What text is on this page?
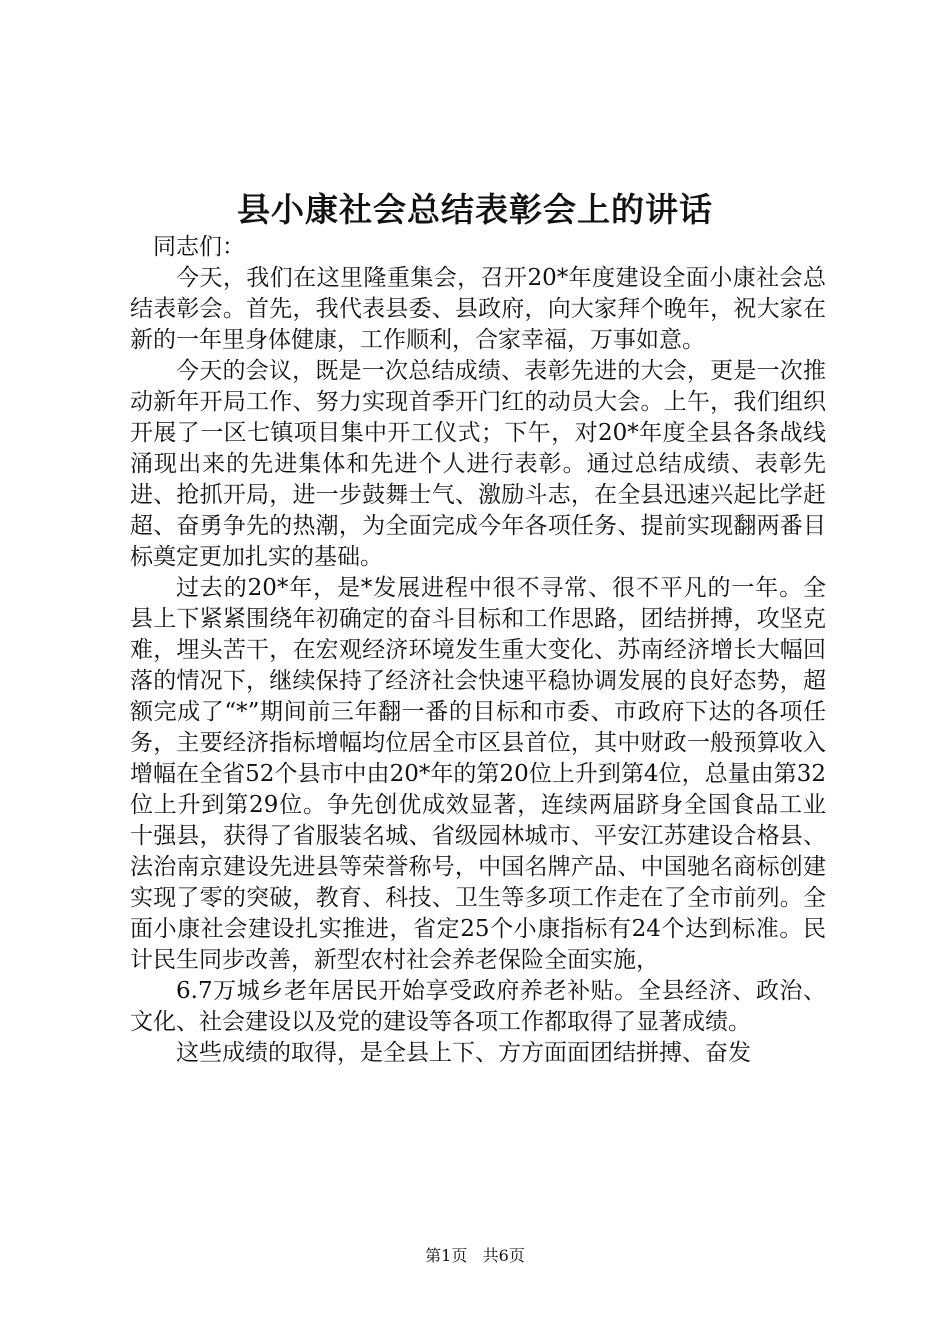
县小康社会总结表彰会上的讲话

同志们：

今天，我们在这里隆重集会，召开20*年度建设全面小康社会总结表彰会。首先，我代表县委、县政府，向大家拜个晚年，祝大家在新的一年里身体健康，工作顺利，合家幸福，万事如意。

今天的会议，既是一次总结成绩、表彰先进的大会，更是一次推动新年开局工作、努力实现首季开门红的动员大会。上午，我们组织开展了一区七镇项目集中开工仪式；下午，对20*年度全县各条战线涌现出来的先进集体和先进个人进行表彰。通过总结成绩、表彰先进、抢抓开局，进一步鼓舞士气、激励斗志，在全县迅速兴起比学赶超、奋勇争先的热潮，为全面完成今年各项任务、提前实现翻两番目标奠定更加扎实的基础。

过去的20*年，是*发展进程中很不寻常、很不平凡的一年。全县上下紧紧围绕年初确定的奋斗目标和工作思路，团结拼搏，攻坚克难，埋头苦干，在宏观经济环境发生重大变化、苏南经济增长大幅回落的情况下，继续保持了经济社会快速平稳协调发展的良好态势，超额完成了“*”期间前三年翻一番的目标和市委、市政府下达的各项任务，主要经济指标增幅均位居全市区县首位，其中财政一般预算收入增幅在全省52个县市中由20*年的第20位上升到第4位，总量由第32位上升到第29位。争先创优成效显著，连续两届跻身全国食品工业十强县，获得了省服装名城、省级园林城市、平安江苏建设合格县、法治南京建设先进县等荣誉称号，中国名牌产品、中国驰名商标创建实现了零的突破，教育、科技、卫生等多项工作走在了全市前列。全面小康社会建设扎实推进，省定25个小康指标有24个达到标准。民计民生同步改善，新型农村社会养老保险全面实施，

6.7万城乡老年居民开始享受政府养老补贴。全县经济、政治、文化、社会建设以及党的建设等各项工作都取得了显著成绩。

这些成绩的取得，是全县上下、方方面面团结拼搏、奋发

第1页 共6页
